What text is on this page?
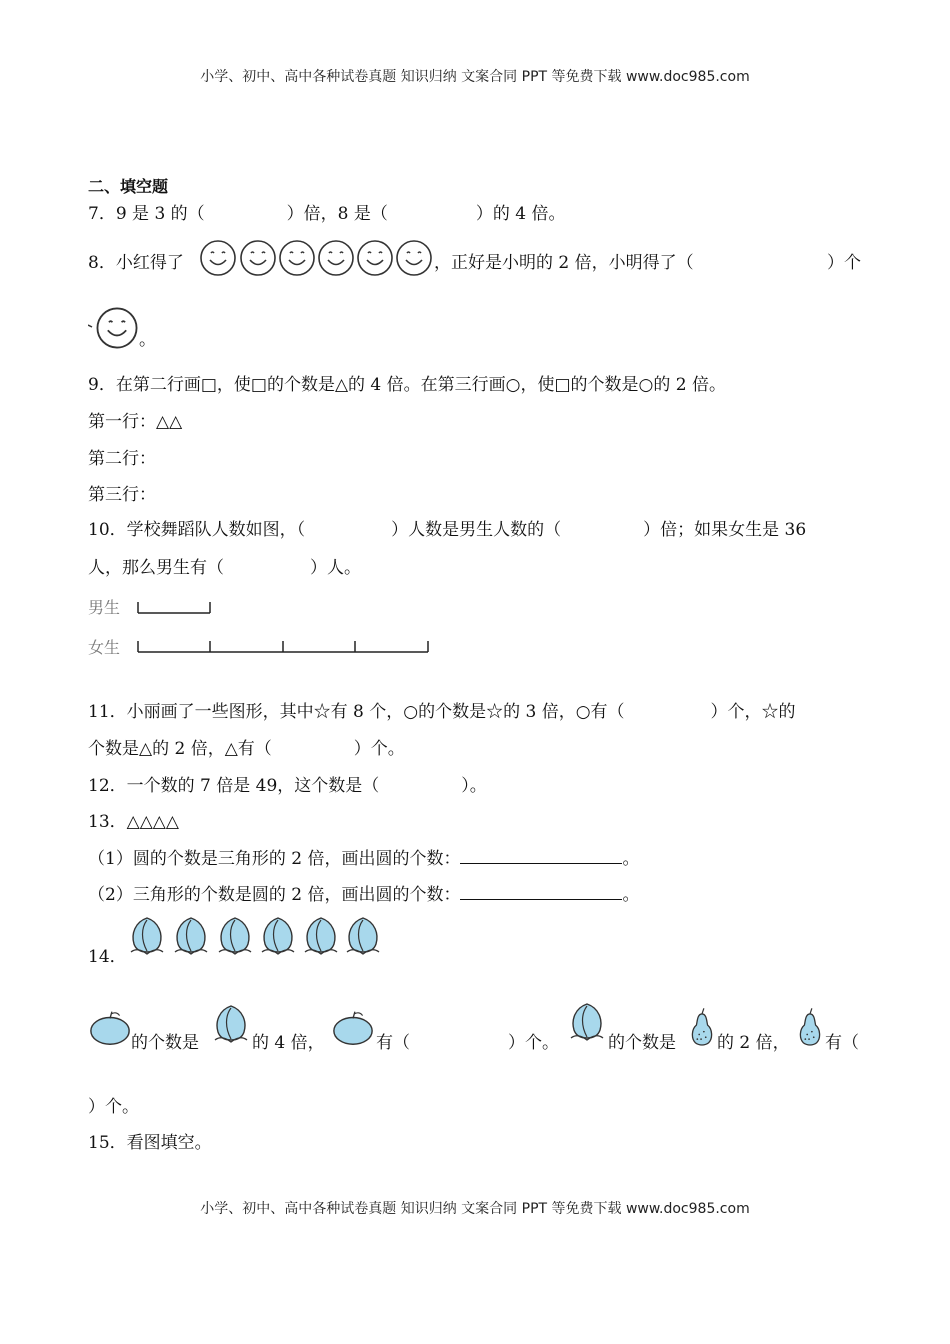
小学、初中、高中各种试卷真题 知识归纳 文案合同 PPT 等免费下载 www.doc985.com
二、填空题
7．9 是 3 的（	）倍，8 是（	）的 4 倍。
8．小红得了	，正好是小明的 2 倍，小明得了（	）个
。
9．在第二行画□，使□的个数是△的 4 倍。在第三行画○，使□的个数是○的 2 倍。
第一行：△△
第二行：
第三行：
10．学校舞蹈队人数如图，（	）人数是男生人数的（	）倍；如果女生是 36
人，那么男生有（	）人。
男生
女生
11．小丽画了一些图形，其中☆有 8 个，○的个数是☆的 3 倍，○有（	）个，☆的
个数是△的 2 倍，△有（	）个。
12．一个数的 7 倍是 49，这个数是（	）。
13．△△△△
（1）圆的个数是三角形的 2 倍，画出圆的个数：	。
（2）三角形的个数是圆的 2 倍，画出圆的个数：	。
14．
的个数是	的 4 倍，	有（	）个。	的个数是 的 2 倍， 有（
）个。
15．看图填空。
小学、初中、高中各种试卷真题 知识归纳 文案合同 PPT 等免费下载 www.doc985.com
